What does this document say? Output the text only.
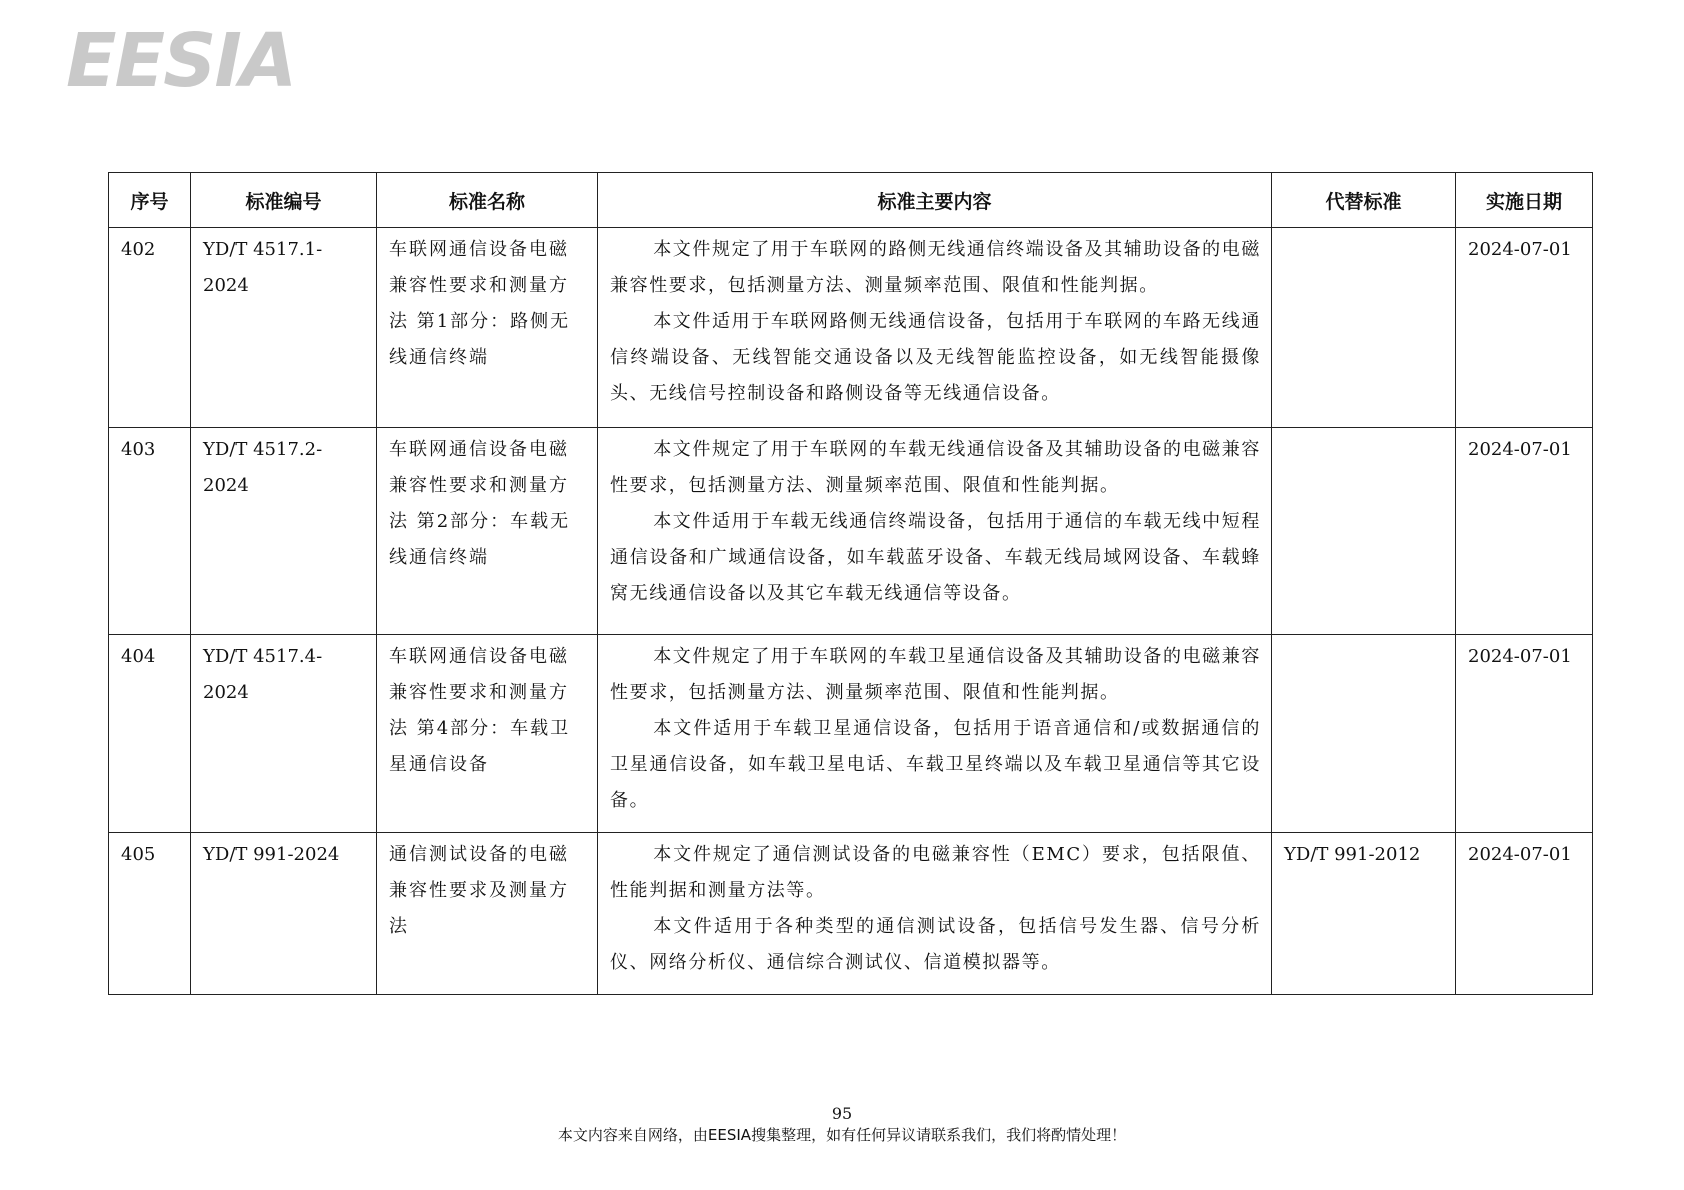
EESIA
序号	标准编号	标准名称	标准主要内容	代替标准	实施日期
402	YD/T 4517.1-2024	车联网通信设备电磁兼容性要求和测量方法 第1部分：路侧无线通信终端	本文件规定了用于车联网的路侧无线通信终端设备及其辅助设备的电磁兼容性要求，包括测量方法、测量频率范围、限值和性能判据。

本文件适用于车联网路侧无线通信设备，包括用于车联网的车路无线通信终端设备、无线智能交通设备以及无线智能监控设备，如无线智能摄像头、无线信号控制设备和路侧设备等无线通信设备。		2024-07-01
403	YD/T 4517.2-2024	车联网通信设备电磁兼容性要求和测量方法 第2部分：车载无线通信终端	本文件规定了用于车联网的车载无线通信设备及其辅助设备的电磁兼容性要求，包括测量方法、测量频率范围、限值和性能判据。

本文件适用于车载无线通信终端设备，包括用于通信的车载无线中短程通信设备和广域通信设备，如车载蓝牙设备、车载无线局域网设备、车载蜂窝无线通信设备以及其它车载无线通信等设备。		2024-07-01
404	YD/T 4517.4-2024	车联网通信设备电磁兼容性要求和测量方法 第4部分：车载卫星通信设备	本文件规定了用于车联网的车载卫星通信设备及其辅助设备的电磁兼容性要求，包括测量方法、测量频率范围、限值和性能判据。

本文件适用于车载卫星通信设备，包括用于语音通信和/或数据通信的卫星通信设备，如车载卫星电话、车载卫星终端以及车载卫星通信等其它设备。		2024-07-01
405	YD/T 991-2024	通信测试设备的电磁兼容性要求及测量方法	本文件规定了通信测试设备的电磁兼容性（EMC）要求，包括限值、性能判据和测量方法等。

本文件适用于各种类型的通信测试设备，包括信号发生器、信号分析仪、网络分析仪、通信综合测试仪、信道模拟器等。	YD/T 991-2012	2024-07-01
95
本文内容来自网络，由EESIA搜集整理，如有任何异议请联系我们，我们将酌情处理！
